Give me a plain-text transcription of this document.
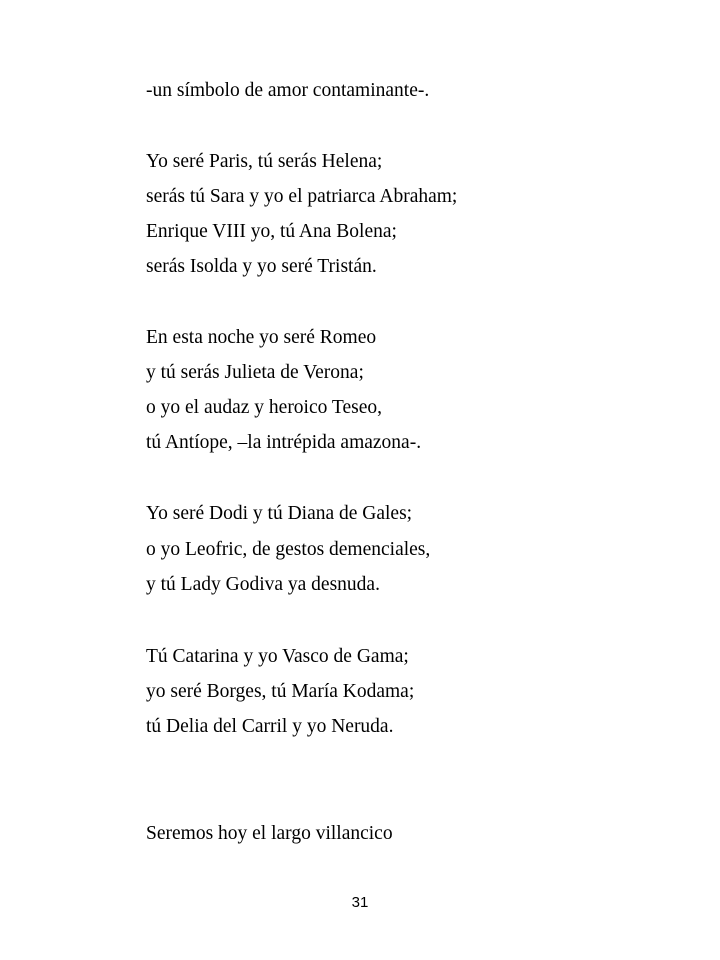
-un símbolo de amor contaminante-.

Yo seré Paris, tú serás Helena;

serás tú Sara y yo el patriarca Abraham;

Enrique VIII yo, tú Ana Bolena;

serás Isolda y yo seré Tristán.

En esta noche yo seré Romeo

y tú serás Julieta de Verona;

o yo el audaz y heroico Teseo,

tú Antíope, –la intrépida amazona-.

Yo seré Dodi y tú Diana de Gales;

o yo Leofric, de gestos demenciales,

y tú Lady Godiva ya desnuda.

Tú Catarina y yo Vasco de Gama;

yo seré Borges, tú María Kodama;

tú Delia del Carril y yo Neruda.

Seremos hoy el largo villancico

31
